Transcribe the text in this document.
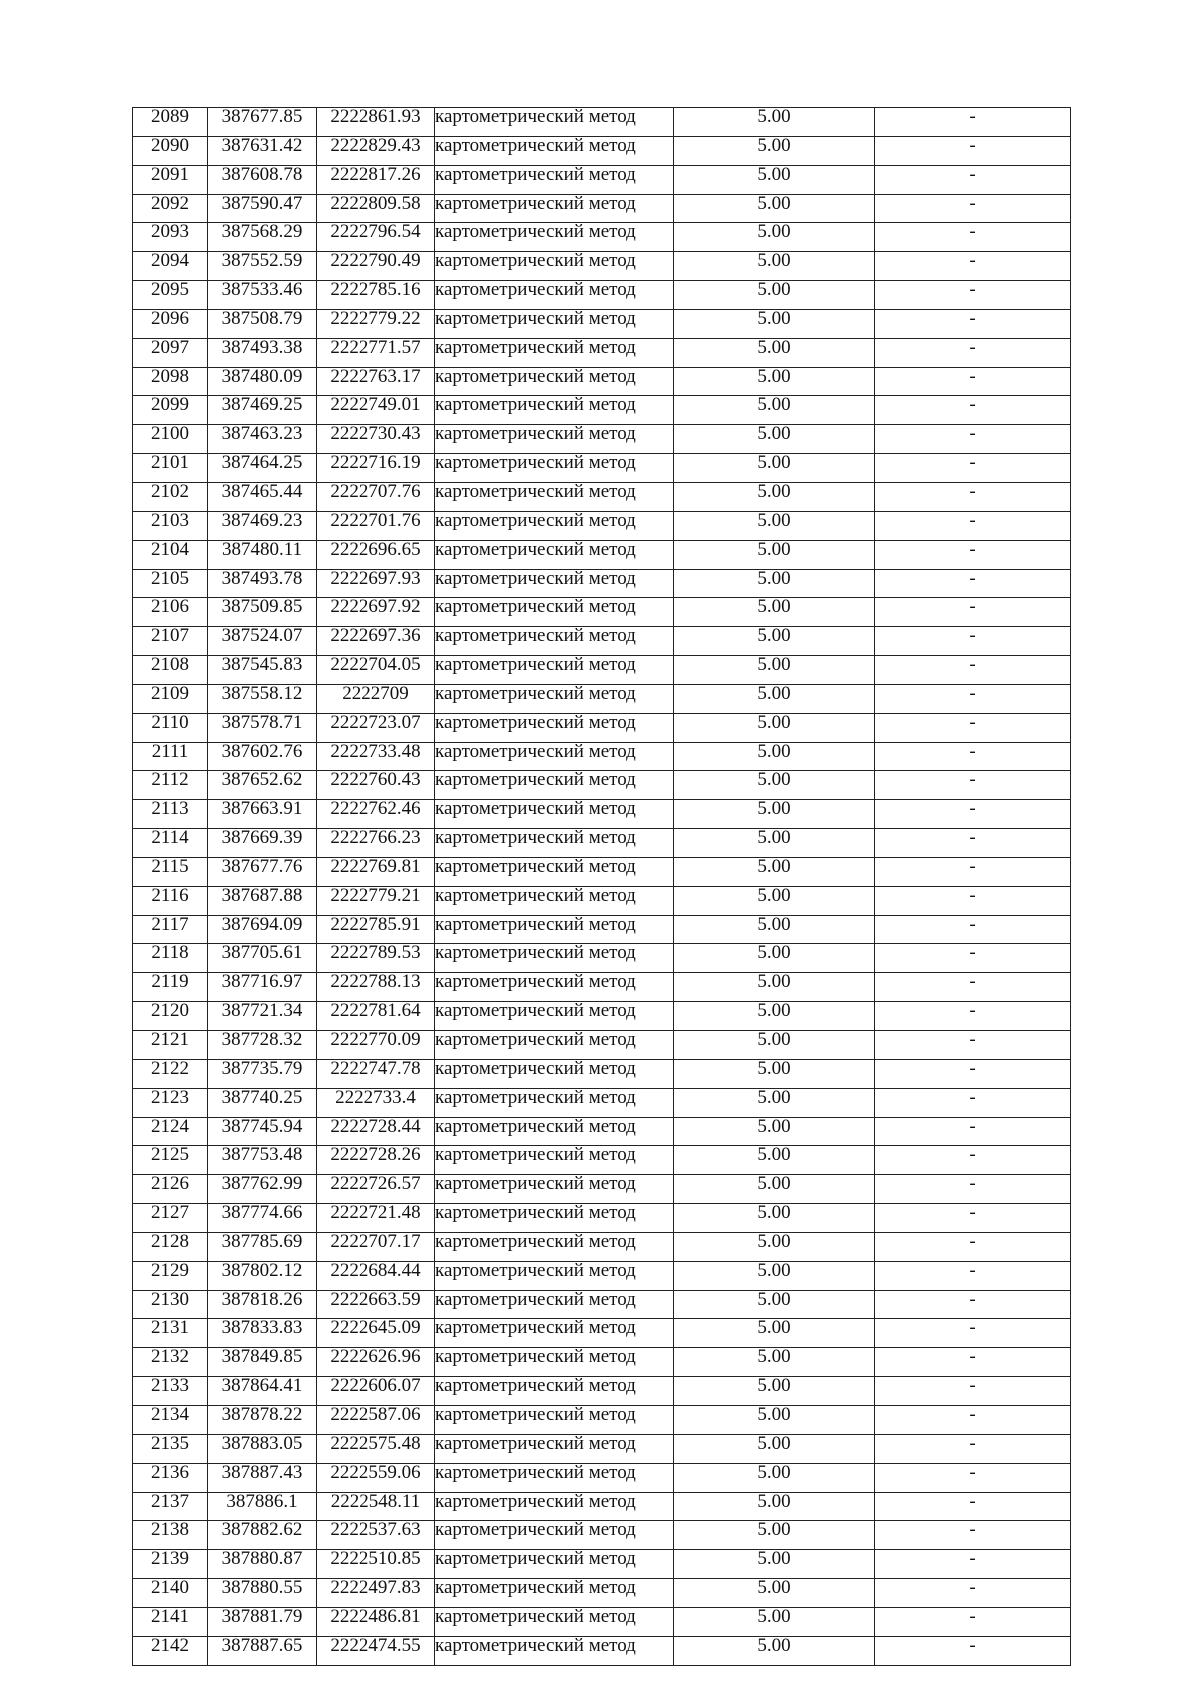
2089	387677.85	2222861.93	картометрический метод	5.00	-
2090	387631.42	2222829.43	картометрический метод	5.00	-
2091	387608.78	2222817.26	картометрический метод	5.00	-
2092	387590.47	2222809.58	картометрический метод	5.00	-
2093	387568.29	2222796.54	картометрический метод	5.00	-
2094	387552.59	2222790.49	картометрический метод	5.00	-
2095	387533.46	2222785.16	картометрический метод	5.00	-
2096	387508.79	2222779.22	картометрический метод	5.00	-
2097	387493.38	2222771.57	картометрический метод	5.00	-
2098	387480.09	2222763.17	картометрический метод	5.00	-
2099	387469.25	2222749.01	картометрический метод	5.00	-
2100	387463.23	2222730.43	картометрический метод	5.00	-
2101	387464.25	2222716.19	картометрический метод	5.00	-
2102	387465.44	2222707.76	картометрический метод	5.00	-
2103	387469.23	2222701.76	картометрический метод	5.00	-
2104	387480.11	2222696.65	картометрический метод	5.00	-
2105	387493.78	2222697.93	картометрический метод	5.00	-
2106	387509.85	2222697.92	картометрический метод	5.00	-
2107	387524.07	2222697.36	картометрический метод	5.00	-
2108	387545.83	2222704.05	картометрический метод	5.00	-
2109	387558.12	2222709	картометрический метод	5.00	-
2110	387578.71	2222723.07	картометрический метод	5.00	-
2111	387602.76	2222733.48	картометрический метод	5.00	-
2112	387652.62	2222760.43	картометрический метод	5.00	-
2113	387663.91	2222762.46	картометрический метод	5.00	-
2114	387669.39	2222766.23	картометрический метод	5.00	-
2115	387677.76	2222769.81	картометрический метод	5.00	-
2116	387687.88	2222779.21	картометрический метод	5.00	-
2117	387694.09	2222785.91	картометрический метод	5.00	-
2118	387705.61	2222789.53	картометрический метод	5.00	-
2119	387716.97	2222788.13	картометрический метод	5.00	-
2120	387721.34	2222781.64	картометрический метод	5.00	-
2121	387728.32	2222770.09	картометрический метод	5.00	-
2122	387735.79	2222747.78	картометрический метод	5.00	-
2123	387740.25	2222733.4	картометрический метод	5.00	-
2124	387745.94	2222728.44	картометрический метод	5.00	-
2125	387753.48	2222728.26	картометрический метод	5.00	-
2126	387762.99	2222726.57	картометрический метод	5.00	-
2127	387774.66	2222721.48	картометрический метод	5.00	-
2128	387785.69	2222707.17	картометрический метод	5.00	-
2129	387802.12	2222684.44	картометрический метод	5.00	-
2130	387818.26	2222663.59	картометрический метод	5.00	-
2131	387833.83	2222645.09	картометрический метод	5.00	-
2132	387849.85	2222626.96	картометрический метод	5.00	-
2133	387864.41	2222606.07	картометрический метод	5.00	-
2134	387878.22	2222587.06	картометрический метод	5.00	-
2135	387883.05	2222575.48	картометрический метод	5.00	-
2136	387887.43	2222559.06	картометрический метод	5.00	-
2137	387886.1	2222548.11	картометрический метод	5.00	-
2138	387882.62	2222537.63	картометрический метод	5.00	-
2139	387880.87	2222510.85	картометрический метод	5.00	-
2140	387880.55	2222497.83	картометрический метод	5.00	-
2141	387881.79	2222486.81	картометрический метод	5.00	-
2142	387887.65	2222474.55	картометрический метод	5.00	-
